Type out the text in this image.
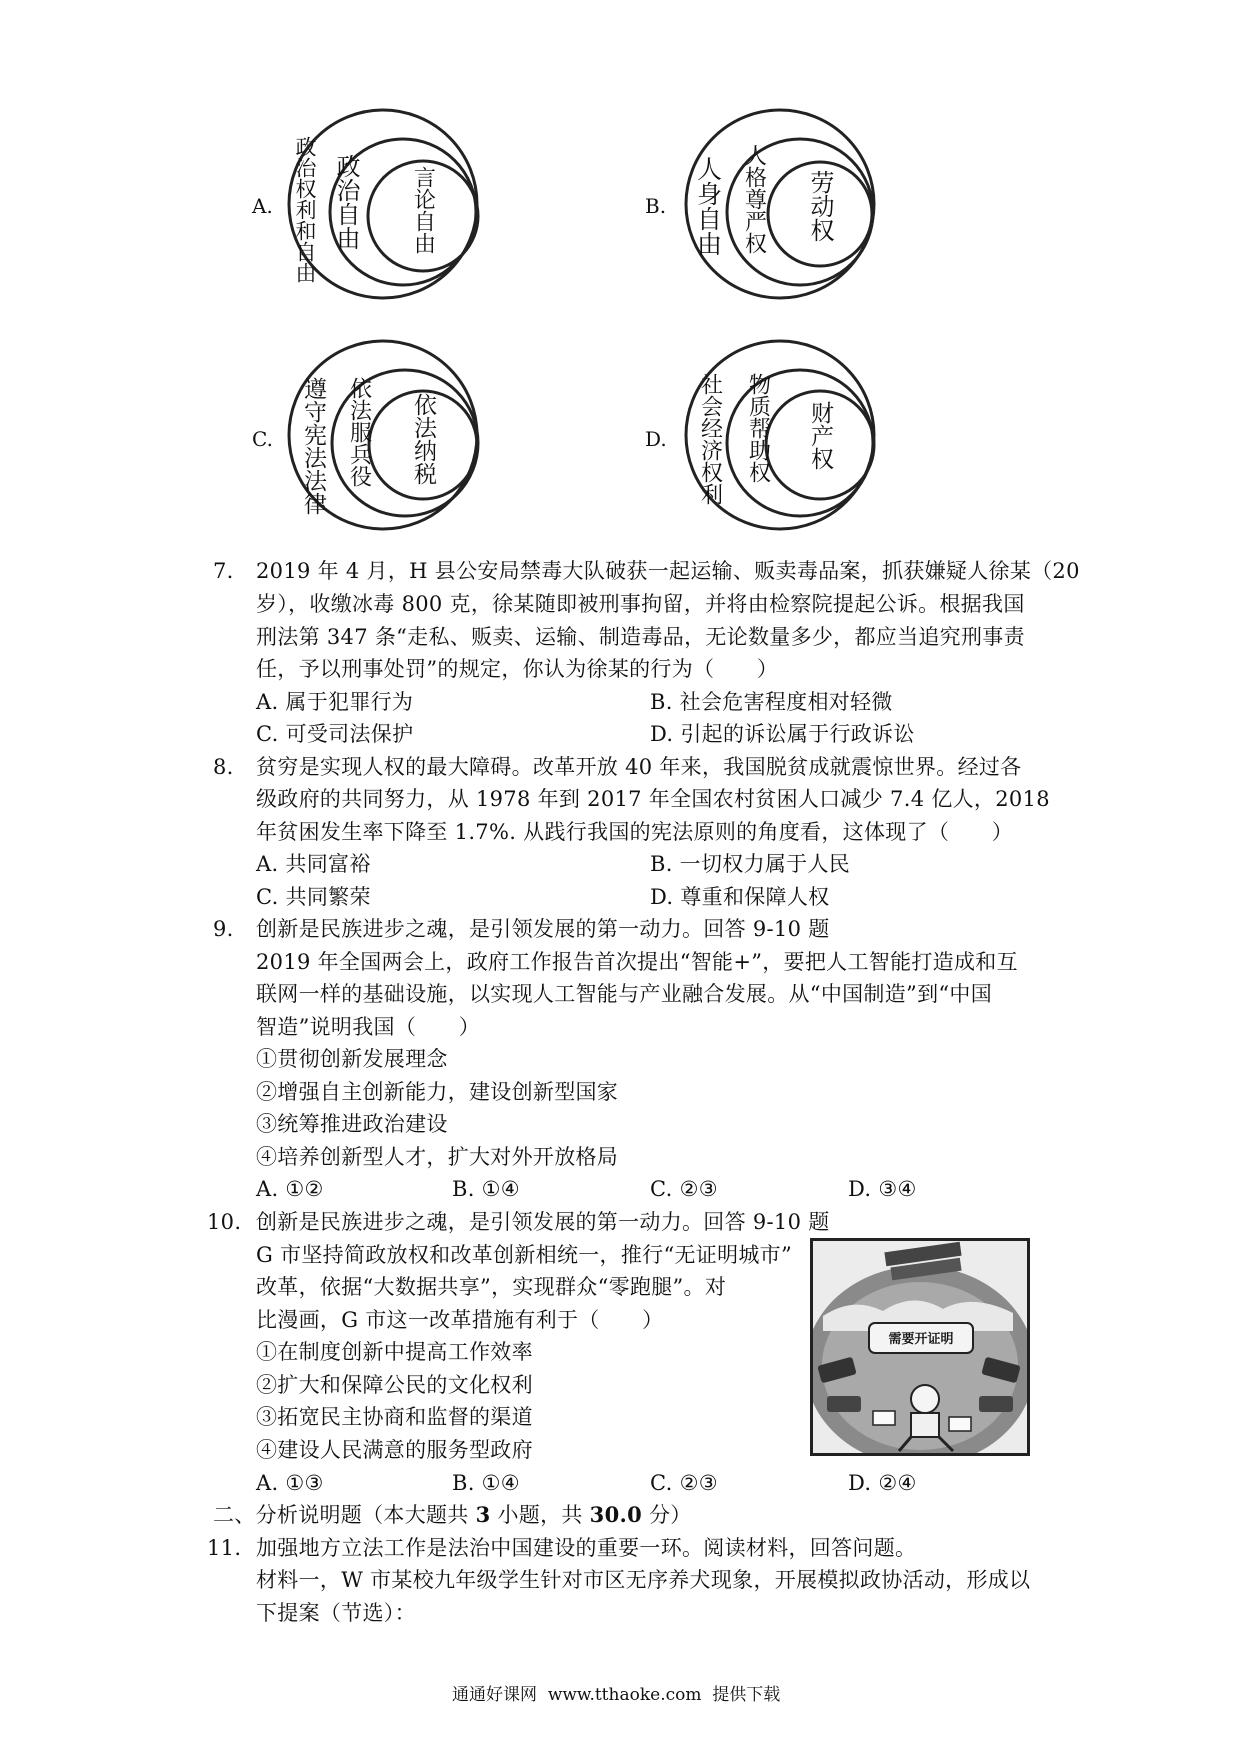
A. 政治权利和自由 政治自由 言论自由	B. 人身自由 人格尊严权 劳动权
C. 遵守宪法法律 依法服兵役 依法纳税	D. 社会经济权利 物质帮助权 财产权
7. 2019 年 4 月，H 县公安局禁毒大队破获一起运输、贩卖毒品案，抓获嫌疑人徐某（20
岁），收缴冰毒 800 克，徐某随即被刑事拘留，并将由检察院提起公诉。根据我国
刑法第 347 条“走私、贩卖、运输、制造毒品，无论数量多少，都应当追究刑事责
任，予以刑事处罚”的规定，你认为徐某的行为（　　）
A. 属于犯罪行为	B. 社会危害程度相对轻微
C. 可受司法保护	D. 引起的诉讼属于行政诉讼
8. 贫穷是实现人权的最大障碍。改革开放 40 年来，我国脱贫成就震惊世界。经过各
级政府的共同努力，从 1978 年到 2017 年全国农村贫困人口减少 7.4 亿人，2018
年贫困发生率下降至 1.7%. 从践行我国的宪法原则的角度看，这体现了（　　）
A. 共同富裕	B. 一切权力属于人民
C. 共同繁荣	D. 尊重和保障人权
9. 创新是民族进步之魂，是引领发展的第一动力。回答 9-10 题
2019 年全国两会上，政府工作报告首次提出“智能+”，要把人工智能打造成和互
联网一样的基础设施，以实现人工智能与产业融合发展。从“中国制造”到“中国
智造”说明我国（　　）
①贯彻创新发展理念
②增强自主创新能力，建设创新型国家
③统筹推进政治建设
④培养创新型人才，扩大对外开放格局
A. ①②	B. ①④	C. ②③	D. ③④
10. 创新是民族进步之魂，是引领发展的第一动力。回答 9-10 题
G 市坚持简政放权和改革创新相统一，推行“无证明城市”
改革，依据“大数据共享”，实现群众“零跑腿”。对
比漫画，G 市这一改革措施有利于（　　）
①在制度创新中提高工作效率
②扩大和保障公民的文化权利
③拓宽民主协商和监督的渠道
④建设人民满意的服务型政府
A. ①③	B. ①④	C. ②③	D. ②④
需要开证明
二、分析说明题（本大题共 3 小题，共 30.0 分）
11. 加强地方立法工作是法治中国建设的重要一环。阅读材料，回答问题。
材料一，W 市某校九年级学生针对市区无序养犬现象，开展模拟政协活动，形成以
下提案（节选）：
通通好课网 www.tthaoke.com 提供下载
